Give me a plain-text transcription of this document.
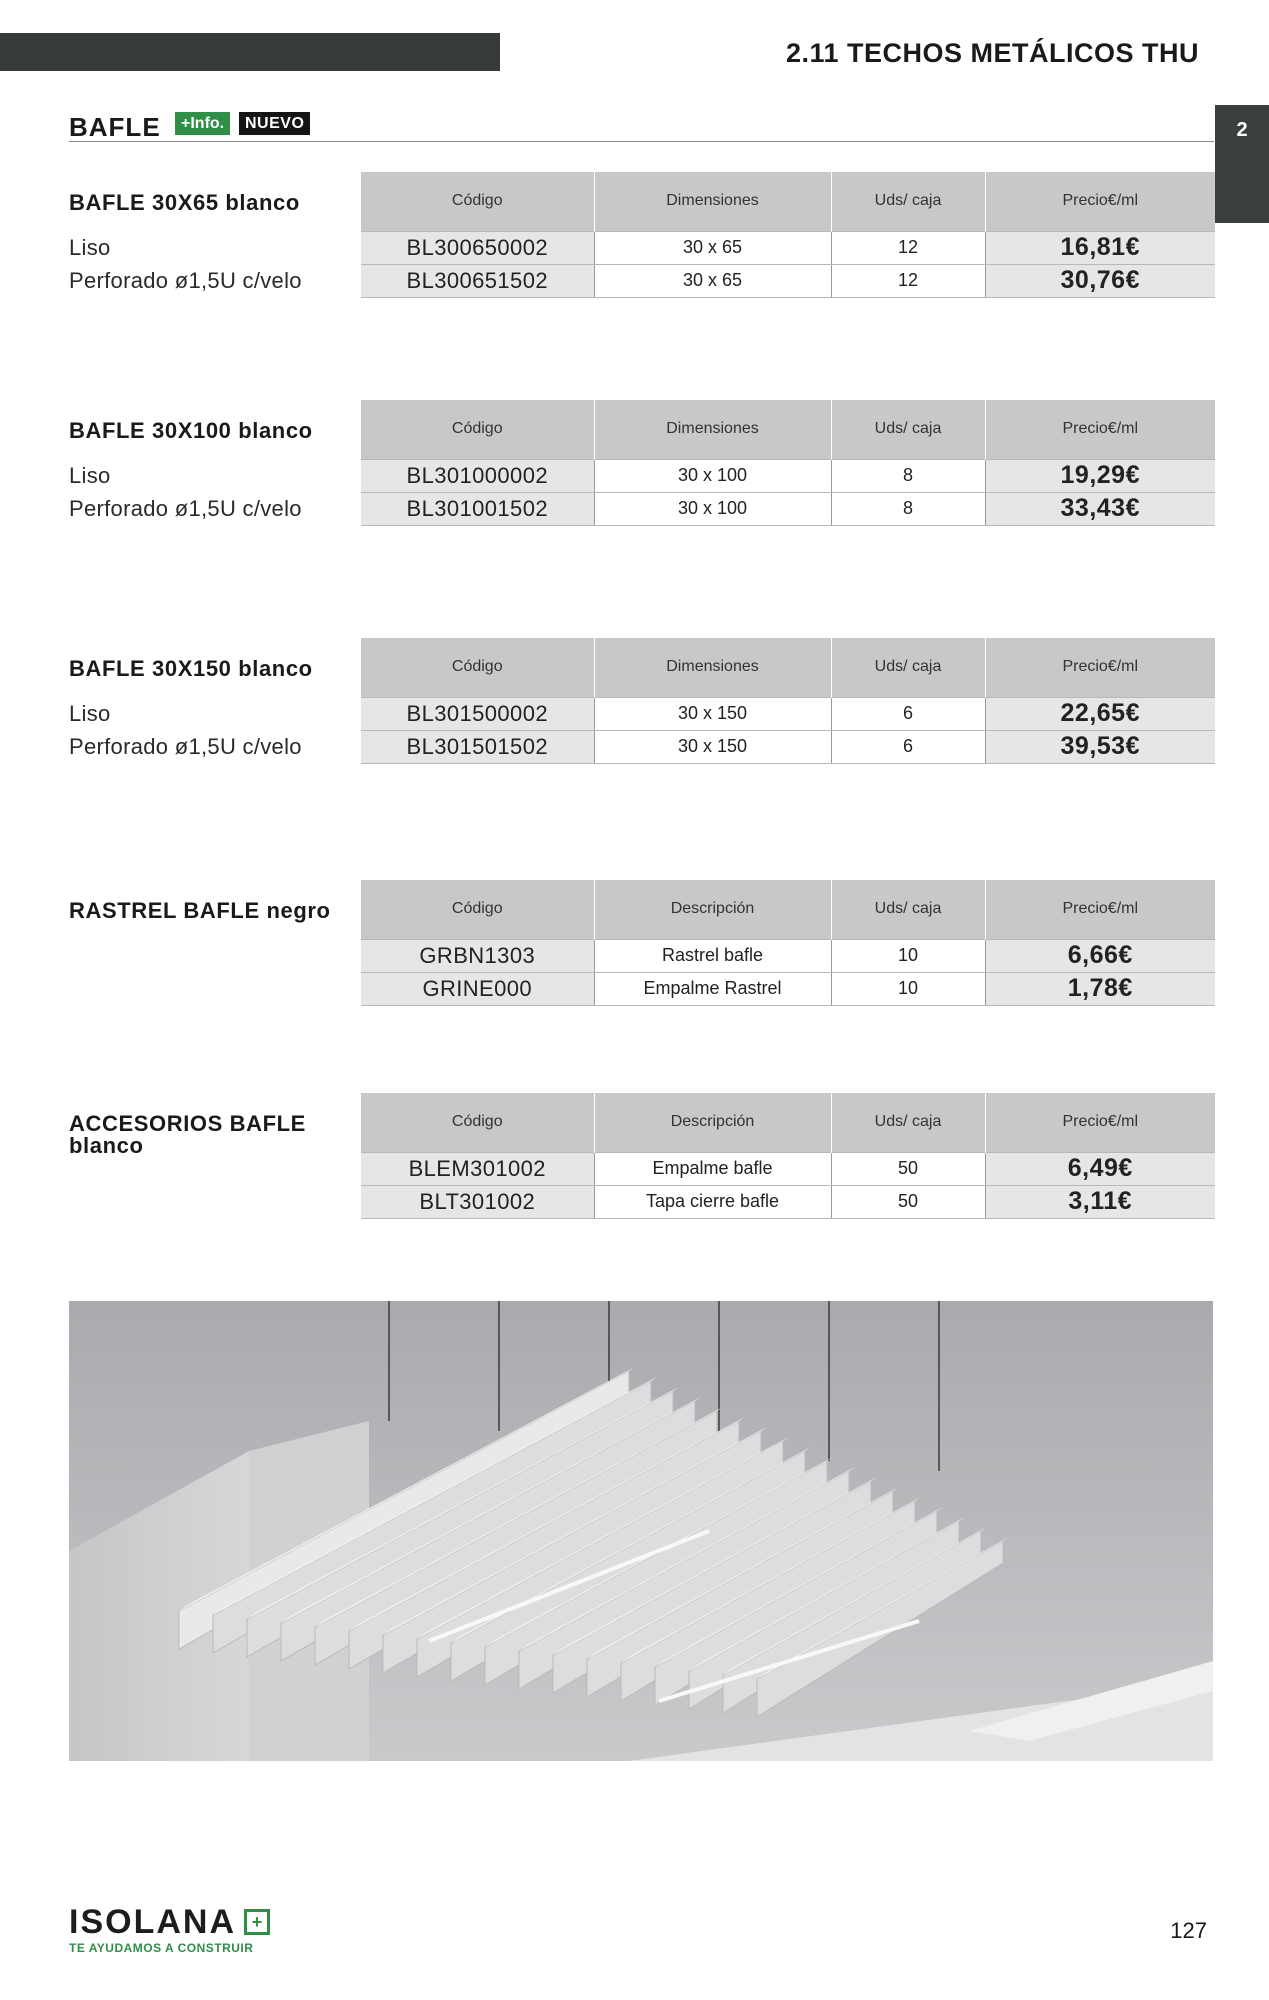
2.11 TECHOS METÁLICOS THU
BAFLE	+Info.	NUEVO	2
BAFLE 30X65 blanco
Liso
Perforado ø1,5U c/velo
Código	Dimensiones	Uds/ caja	Precio€/ml
BL300650002	30 x 65	12	16,81€
BL300651502	30 x 65	12	30,76€
BAFLE 30X100 blanco
Liso
Perforado ø1,5U c/velo
Código	Dimensiones	Uds/ caja	Precio€/ml
BL301000002	30 x 100	8	19,29€
BL301001502	30 x 100	8	33,43€
BAFLE 30X150 blanco
Liso
Perforado ø1,5U c/velo
Código	Dimensiones	Uds/ caja	Precio€/ml
BL301500002	30 x 150	6	22,65€
BL301501502	30 x 150	6	39,53€
RASTREL BAFLE negro	Código	Descripción	Uds/ caja	Precio€/ml
GRBN1303	Rastrel bafle	10	6,66€
GRINE000	Empalme Rastrel	10	1,78€
ACCESORIOS BAFLE blanco
Código	Descripción	Uds/ caja	Precio€/ml
BLEM301002	Empalme bafle	50	6,49€
BLT301002	Tapa cierre bafle	50	3,11€
ISOLANA +
TE AYUDAMOS A CONSTRUIR
127
